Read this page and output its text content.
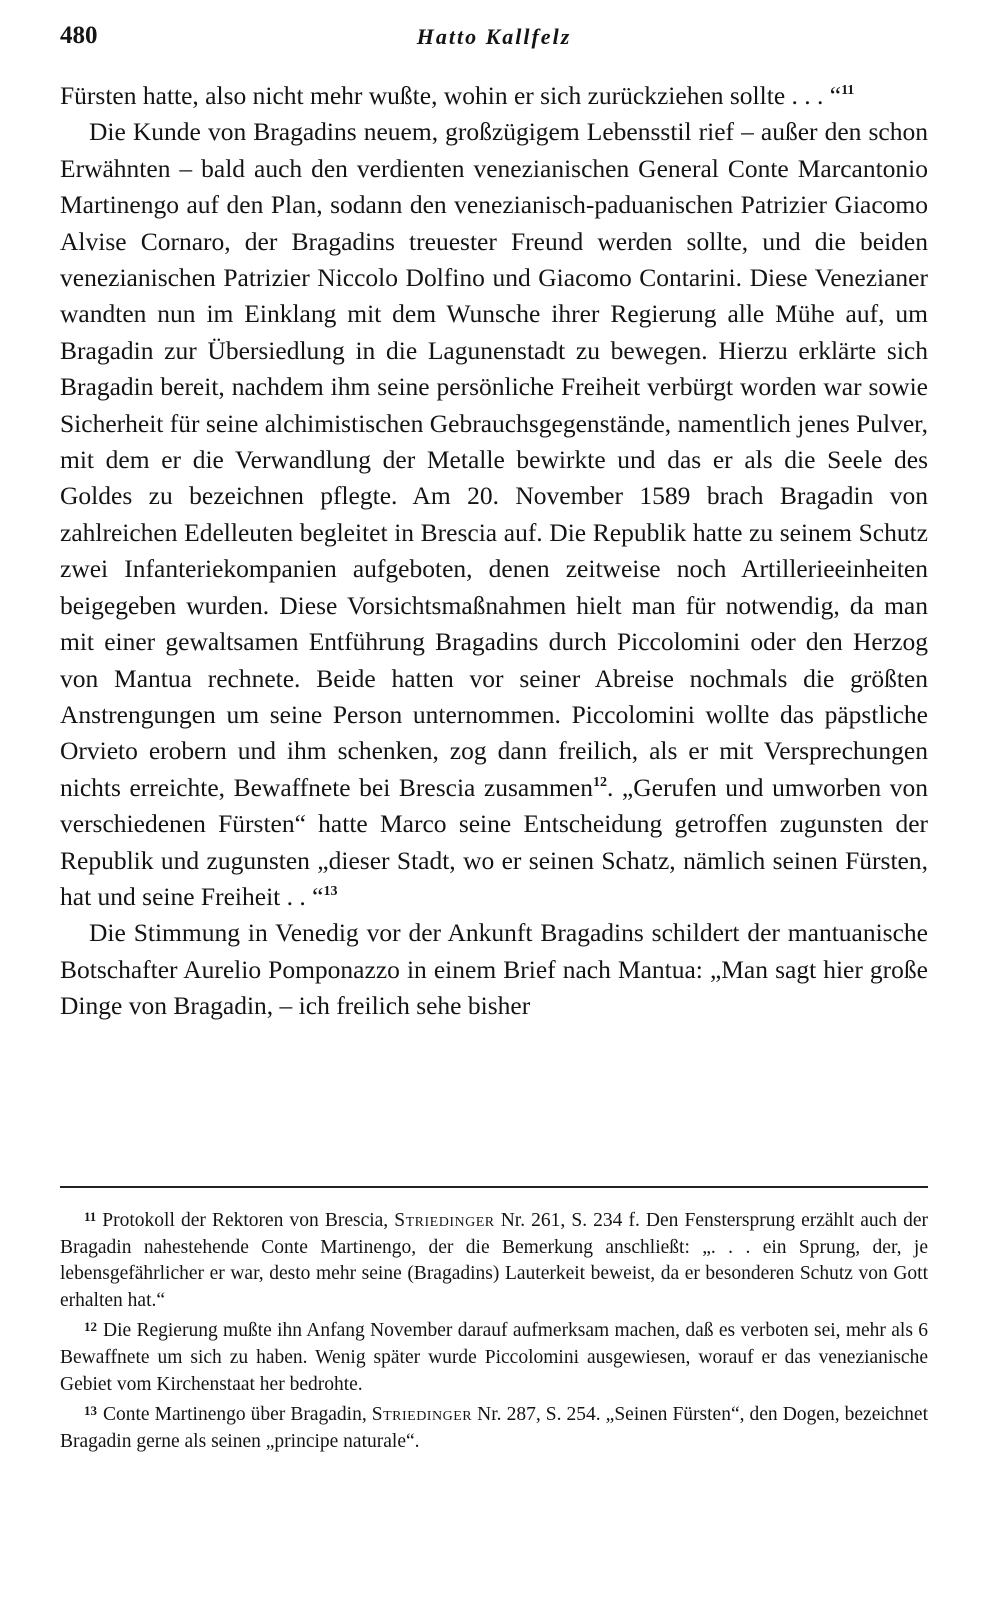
480	Hatto Kallfelz

Fürsten hatte, also nicht mehr wußte, wohin er sich zurückziehen sollte . . . “$^{11}$

Die Kunde von Bragadins neuem, großzügigem Lebensstil rief – außer den schon Erwähnten – bald auch den verdienten venezianischen General Conte Marcantonio Martinengo auf den Plan, sodann den venezianisch-paduanischen Patrizier Giacomo Alvise Cornaro, der Bragadins treuester Freund werden sollte, und die beiden venezianischen Patrizier Niccolo Dolfino und Giacomo Contarini. Diese Venezianer wandten nun im Einklang mit dem Wunsche ihrer Regierung alle Mühe auf, um Bragadin zur Übersiedlung in die Lagunenstadt zu bewegen. Hierzu erklärte sich Bragadin bereit, nachdem ihm seine persönliche Freiheit verbürgt worden war sowie Sicherheit für seine alchimistischen Gebrauchsgegenstände, namentlich jenes Pulver, mit dem er die Verwandlung der Metalle bewirkte und das er als die Seele des Goldes zu bezeichnen pflegte. Am 20. November 1589 brach Bragadin von zahlreichen Edelleuten begleitet in Brescia auf. Die Republik hatte zu seinem Schutz zwei Infanteriekompanien aufgeboten, denen zeitweise noch Artillerieeinheiten beigegeben wurden. Diese Vorsichtsmaßnahmen hielt man für notwendig, da man mit einer gewaltsamen Entführung Bragadins durch Piccolomini oder den Herzog von Mantua rechnete. Beide hatten vor seiner Abreise nochmals die größten Anstrengungen um seine Person unternommen. Piccolomini wollte das päpstliche Orvieto erobern und ihm schenken, zog dann freilich, als er mit Versprechungen nichts erreichte, Bewaffnete bei Brescia zusammen$^{12}$. „Gerufen und umworben von verschiedenen Fürsten“ hatte Marco seine Entscheidung getroffen zugunsten der Republik und zugunsten „dieser Stadt, wo er seinen Schatz, nämlich seinen Fürsten, hat und seine Freiheit . . “$^{13}$

Die Stimmung in Venedig vor der Ankunft Bragadins schildert der mantuanische Botschafter Aurelio Pomponazzo in einem Brief nach Mantua: „Man sagt hier große Dinge von Bragadin, – ich freilich sehe bisher

$^{11}$ Protokoll der Rektoren von Brescia, Striedinger Nr. 261, S. 234 f. Den Fenstersprung erzählt auch der Bragadin nahestehende Conte Martinengo, der die Bemerkung anschließt: „. . . ein Sprung, der, je lebensgefährlicher er war, desto mehr seine (Bragadins) Lauterkeit beweist, da er besonderen Schutz von Gott erhalten hat.“

$^{12}$ Die Regierung mußte ihn Anfang November darauf aufmerksam machen, daß es verboten sei, mehr als 6 Bewaffnete um sich zu haben. Wenig später wurde Piccolomini ausgewiesen, worauf er das venezianische Gebiet vom Kirchenstaat her bedrohte.

$^{13}$ Conte Martinengo über Bragadin, Striedinger Nr. 287, S. 254. „Seinen Fürsten“, den Dogen, bezeichnet Bragadin gerne als seinen „principe naturale“.
